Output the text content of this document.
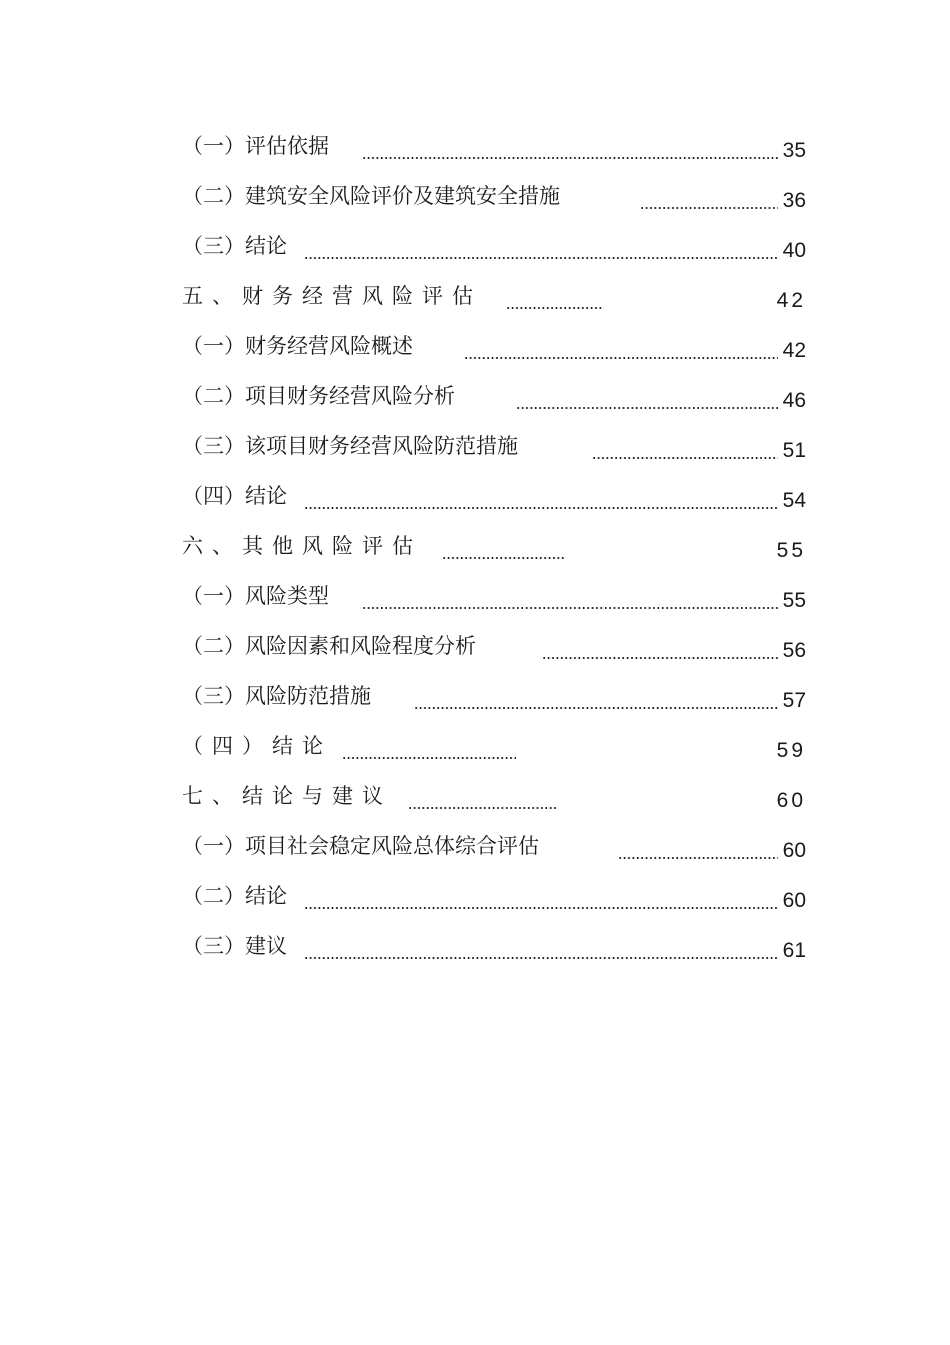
（一）评估依据	35
（二）建筑安全风险评价及建筑安全措施	36
（三）结论	40
五、财务经营风险评估	42
（一）财务经营风险概述	42
（二）项目财务经营风险分析	46
（三）该项目财务经营风险防范措施	51
（四）结论	54
六、其他风险评估	55
（一）风险类型	55
（二）风险因素和风险程度分析	56
（三）风险防范措施	57
（四）结论	59
七、结论与建议	60
（一）项目社会稳定风险总体综合评估	60
（二）结论	60
（三）建议	61
